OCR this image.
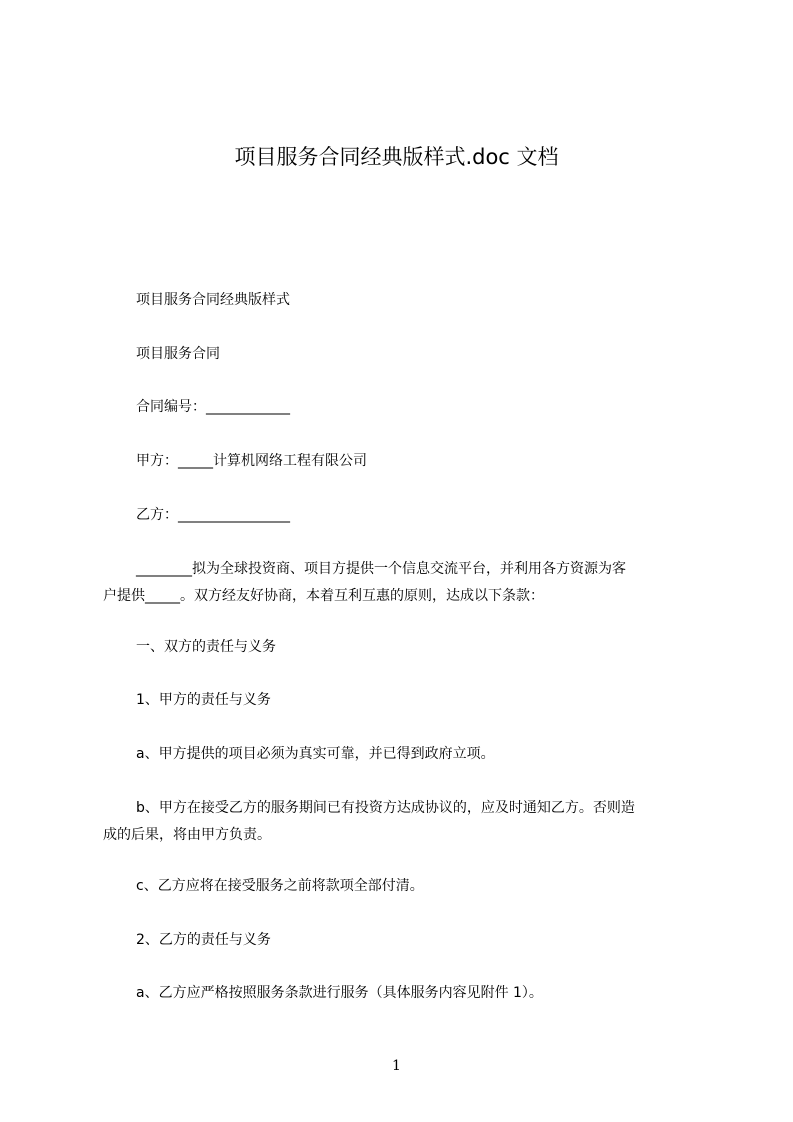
项目服务合同经典版样式.doc 文档
项目服务合同经典版样式
项目服务合同
合同编号：____________
甲方：_____计算机网络工程有限公司
乙方：________________
________拟为全球投资商、项目方提供一个信息交流平台，并利用各方资源为客
户提供_____。双方经友好协商，本着互利互惠的原则，达成以下条款：
一、双方的责任与义务
1、甲方的责任与义务
a、甲方提供的项目必须为真实可靠，并已得到政府立项。
b、甲方在接受乙方的服务期间已有投资方达成协议的，应及时通知乙方。否则造
成的后果，将由甲方负责。
c、乙方应将在接受服务之前将款项全部付清。
2、乙方的责任与义务
a、乙方应严格按照服务条款进行服务（具体服务内容见附件 1）。
1
